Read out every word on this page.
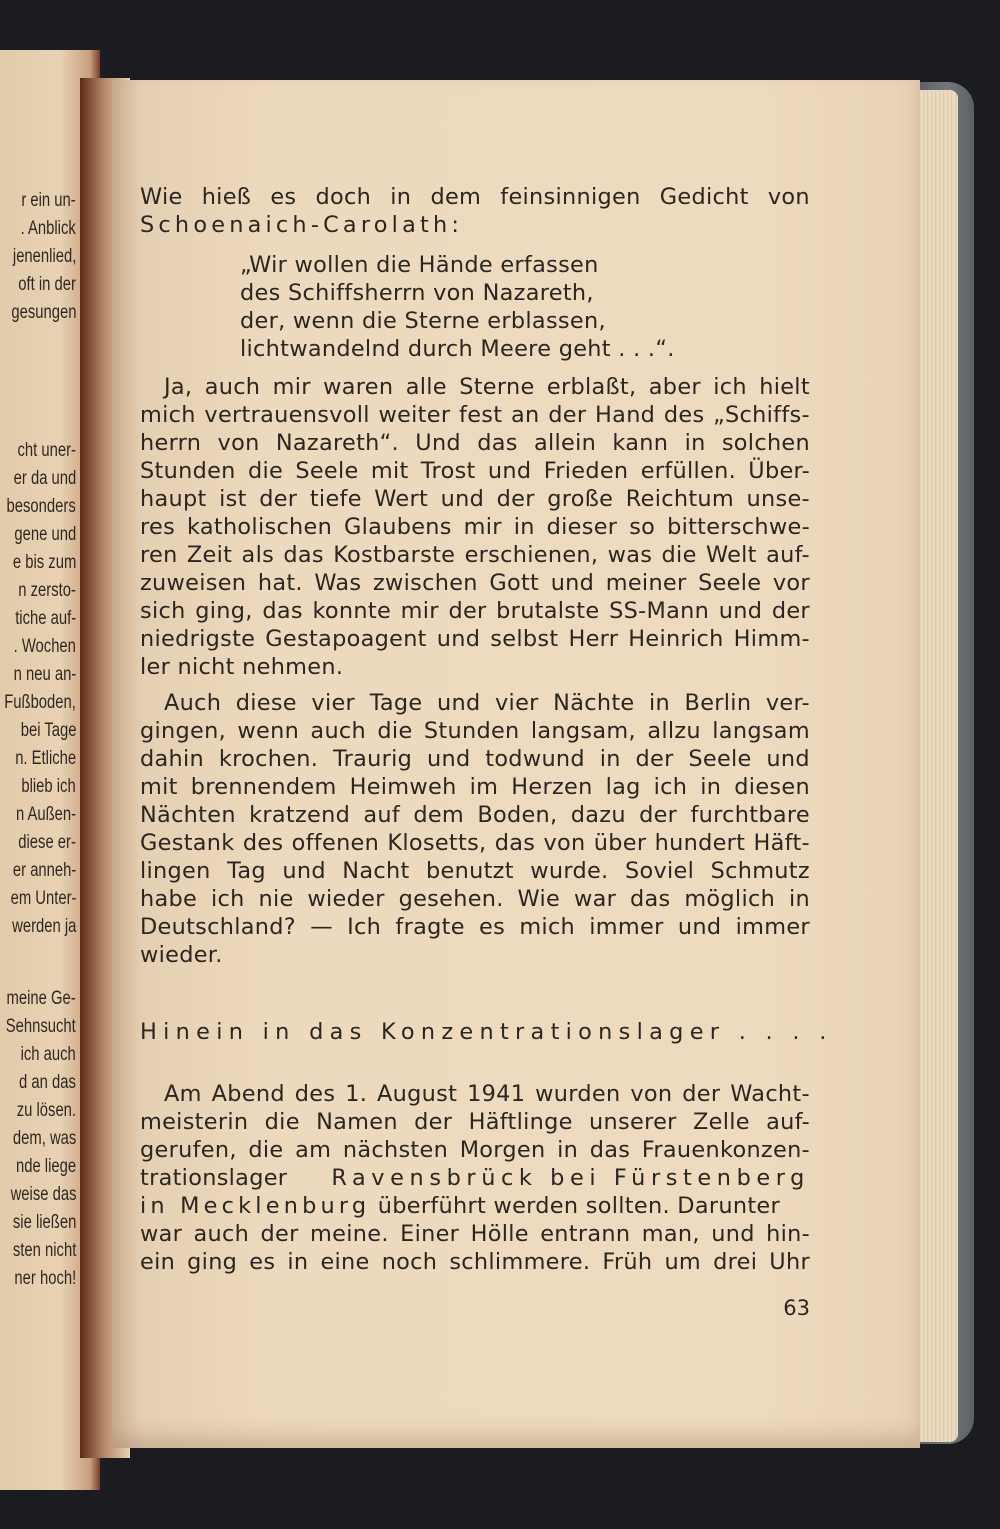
r ein un-
. Anblick
jenenlied,
oft in der
gesungen
cht uner-
er da und
besonders
gene und
e bis zum
n zersto-
tiche auf-
. Wochen
n neu an-
Fußboden,
bei Tage
n. Etliche
blieb ich
n Außen-
diese er-
er anneh-
em Unter-
werden ja
meine Ge-
Sehnsucht
ich auch
d an das
zu lösen.
dem, was
nde liege
weise das
sie ließen
sten nicht
ner hoch!
Wie hieß es doch in dem feinsinnigen Gedicht von
Schoenaich-Carolath:
„Wir wollen die Hände erfassen
des Schiffsherrn von Nazareth,
der, wenn die Sterne erblassen,
lichtwandelnd durch Meere geht . . .“.
Ja, auch mir waren alle Sterne erblaßt, aber ich hielt
mich vertrauensvoll weiter fest an der Hand des „Schiffs-
herrn von Nazareth“. Und das allein kann in solchen
Stunden die Seele mit Trost und Frieden erfüllen. Über-
haupt ist der tiefe Wert und der große Reichtum unse-
res katholischen Glaubens mir in dieser so bitterschwe-
ren Zeit als das Kostbarste erschienen, was die Welt auf-
zuweisen hat. Was zwischen Gott und meiner Seele vor
sich ging, das konnte mir der brutalste SS-Mann und der
niedrigste Gestapoagent und selbst Herr Heinrich Himm-
ler nicht nehmen.
Auch diese vier Tage und vier Nächte in Berlin ver-
gingen, wenn auch die Stunden langsam, allzu langsam
dahin krochen. Traurig und todwund in der Seele und
mit brennendem Heimweh im Herzen lag ich in diesen
Nächten kratzend auf dem Boden, dazu der furchtbare
Gestank des offenen Klosetts, das von über hundert Häft-
lingen Tag und Nacht benutzt wurde. Soviel Schmutz
habe ich nie wieder gesehen. Wie war das möglich in
Deutschland? — Ich fragte es mich immer und immer
wieder.
Hinein in das Konzentrationslager . . . .
Am Abend des 1. August 1941 wurden von der Wacht-
meisterin die Namen der Häftlinge unserer Zelle auf-
gerufen, die am nächsten Morgen in das Frauenkonzen-
trationslager Ravensbrück bei Fürstenberg
in Mecklenburg überführt werden sollten. Darunter
war auch der meine. Einer Hölle entrann man, und hin-
ein ging es in eine noch schlimmere. Früh um drei Uhr
63
